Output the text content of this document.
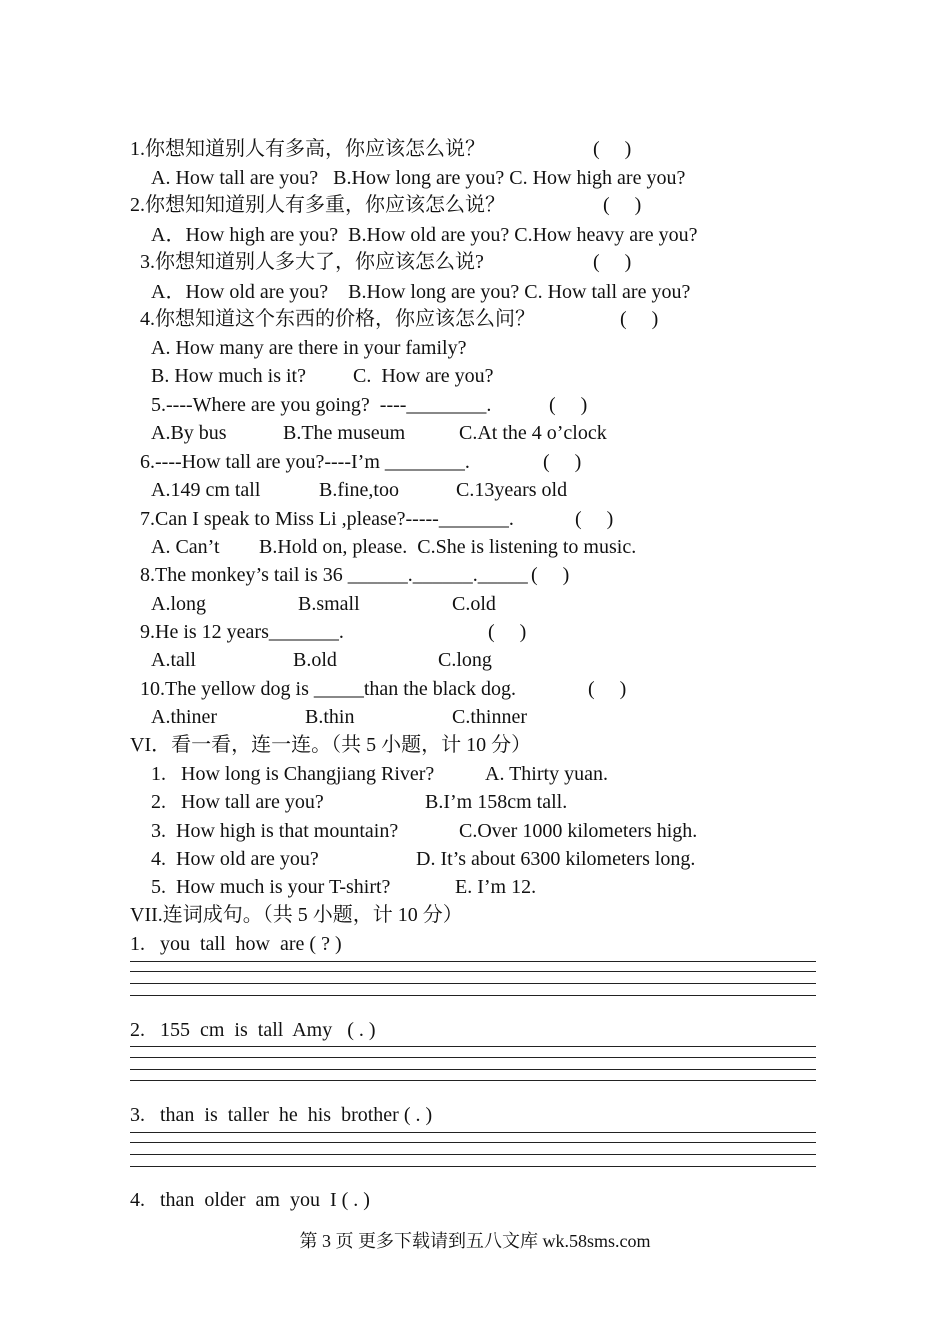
1.你想知道别人有多高，你应该怎么说？	(     )
A. How tall are you?   B.How long are you? C. How high are you?
2.你想知知道别人有多重，你应该怎么说？	(     )
A．How high are you?  B.How old are you? C.How heavy are you?
3.你想知道别人多大了，你应该怎么说?	(     )
A．How old are you?    B.How long are you? C. How tall are you?
4.你想知道这个东西的价格，你应该怎么问？	(     )
A. How many are there in your family?
B. How much is it? C.  How are you?
5.----Where are you going?  ----________.	(     )
A.By bus	B.The museum	C.At the 4 o’clock
6.----How tall are you?----I’m ________.	(     )
A.149 cm tall	B.fine,too	C.13years old
7.Can I speak to Miss Li ,please?-----_______.	(     )
A. Can’t B.Hold on, please.  C.She is listening to music.
8.The monkey’s tail is 36 ______.______._____ (     )
A.long	B.small	C.old
9.He is 12 years_______.	(     )
A.tall	B.old	C.long
10.The yellow dog is _____than the black dog.	(     )
A.thiner	B.thin	C.thinner
VI．看一看，连一连。（共 5 小题，计 10 分）
1.   How long is Changjiang River?	A. Thirty yuan.
2.   How tall are you?	B.I’m 158cm tall.
3.  How high is that mountain?	C.Over 1000 kilometers high.
4.  How old are you?	D. It’s about 6300 kilometers long.
5.  How much is your T-shirt?	E. I’m 12.
VII.连词成句。（共 5 小题，计 10 分）
1.   you  tall  how  are ( ? )
2.   155  cm  is  tall  Amy   ( . )
3.   than  is  taller  he  his  brother ( . )
4.   than  older  am  you  I ( . )
第 3 页 更多下载请到五八文库 wk.58sms.com
